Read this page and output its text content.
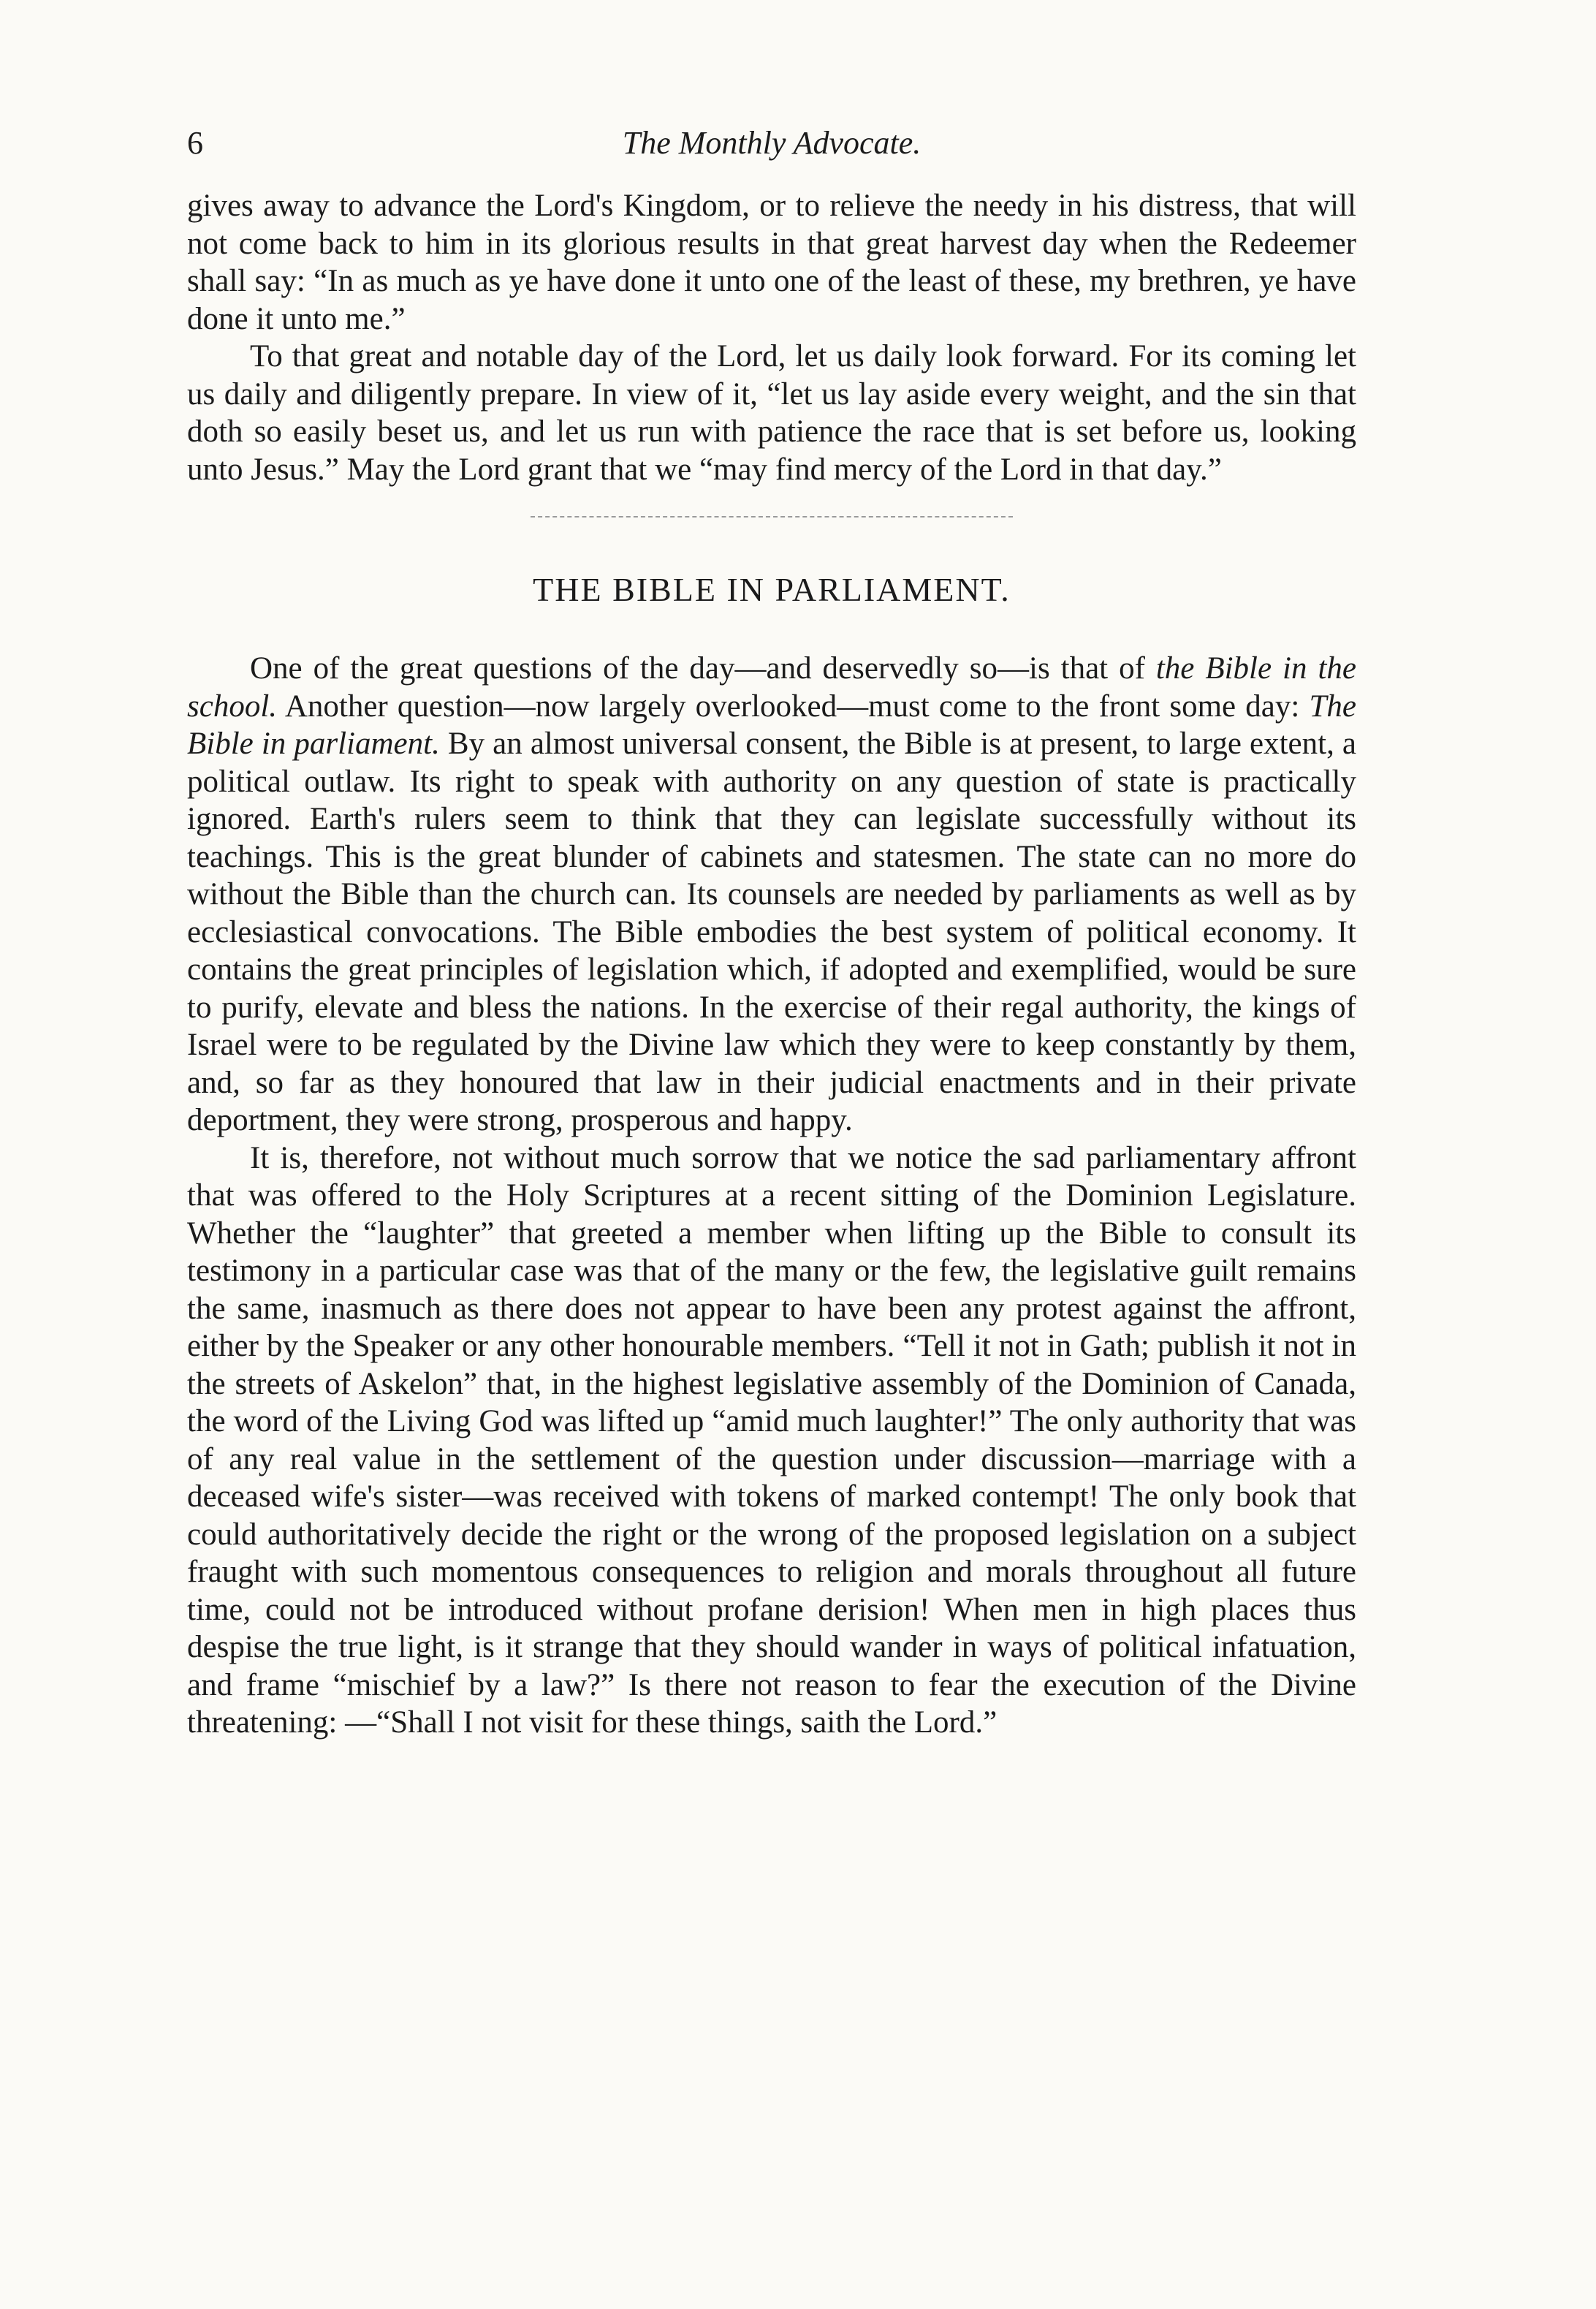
6	The Monthly Advocate.

gives away to advance the Lord's Kingdom, or to relieve the needy in his distress, that will not come back to him in its glorious results in that great harvest day when the Redeemer shall say: “In as much as ye have done it unto one of the least of these, my brethren, ye have done it unto me.”

To that great and notable day of the Lord, let us daily look forward. For its coming let us daily and diligently prepare. In view of it, “let us lay aside every weight, and the sin that doth so easily beset us, and let us run with patience the race that is set before us, looking unto Jesus.” May the Lord grant that we “may find mercy of the Lord in that day.”

THE BIBLE IN PARLIAMENT.

One of the great questions of the day—and deservedly so—is that of the Bible in the school. Another question—now largely overlooked—must come to the front some day: The Bible in parliament. By an almost universal consent, the Bible is at present, to large extent, a political outlaw. Its right to speak with authority on any question of state is practically ignored. Earth's rulers seem to think that they can legislate successfully without its teachings. This is the great blunder of cabinets and statesmen. The state can no more do without the Bible than the church can. Its counsels are needed by parliaments as well as by ecclesiastical convocations. The Bible embodies the best system of political economy. It contains the great principles of legislation which, if adopted and exemplified, would be sure to purify, elevate and bless the nations. In the exercise of their regal authority, the kings of Israel were to be regulated by the Divine law which they were to keep constantly by them, and, so far as they honoured that law in their judicial enactments and in their private deportment, they were strong, prosperous and happy.

It is, therefore, not without much sorrow that we notice the sad parliamentary affront that was offered to the Holy Scriptures at a recent sitting of the Dominion Legislature. Whether the “laughter” that greeted a member when lifting up the Bible to consult its testimony in a particular case was that of the many or the few, the legislative guilt remains the same, inasmuch as there does not appear to have been any protest against the affront, either by the Speaker or any other honourable members. “Tell it not in Gath; publish it not in the streets of Askelon” that, in the highest legislative assembly of the Dominion of Canada, the word of the Living God was lifted up “amid much laughter!” The only authority that was of any real value in the settlement of the question under discussion—marriage with a deceased wife's sister—was received with tokens of marked contempt! The only book that could authoritatively decide the right or the wrong of the proposed legislation on a subject fraught with such momentous consequences to religion and morals throughout all future time, could not be introduced without profane derision! When men in high places thus despise the true light, is it strange that they should wander in ways of political infatuation, and frame “mischief by a law?” Is there not reason to fear the execution of the Divine threatening: —“Shall I not visit for these things, saith the Lord.”
